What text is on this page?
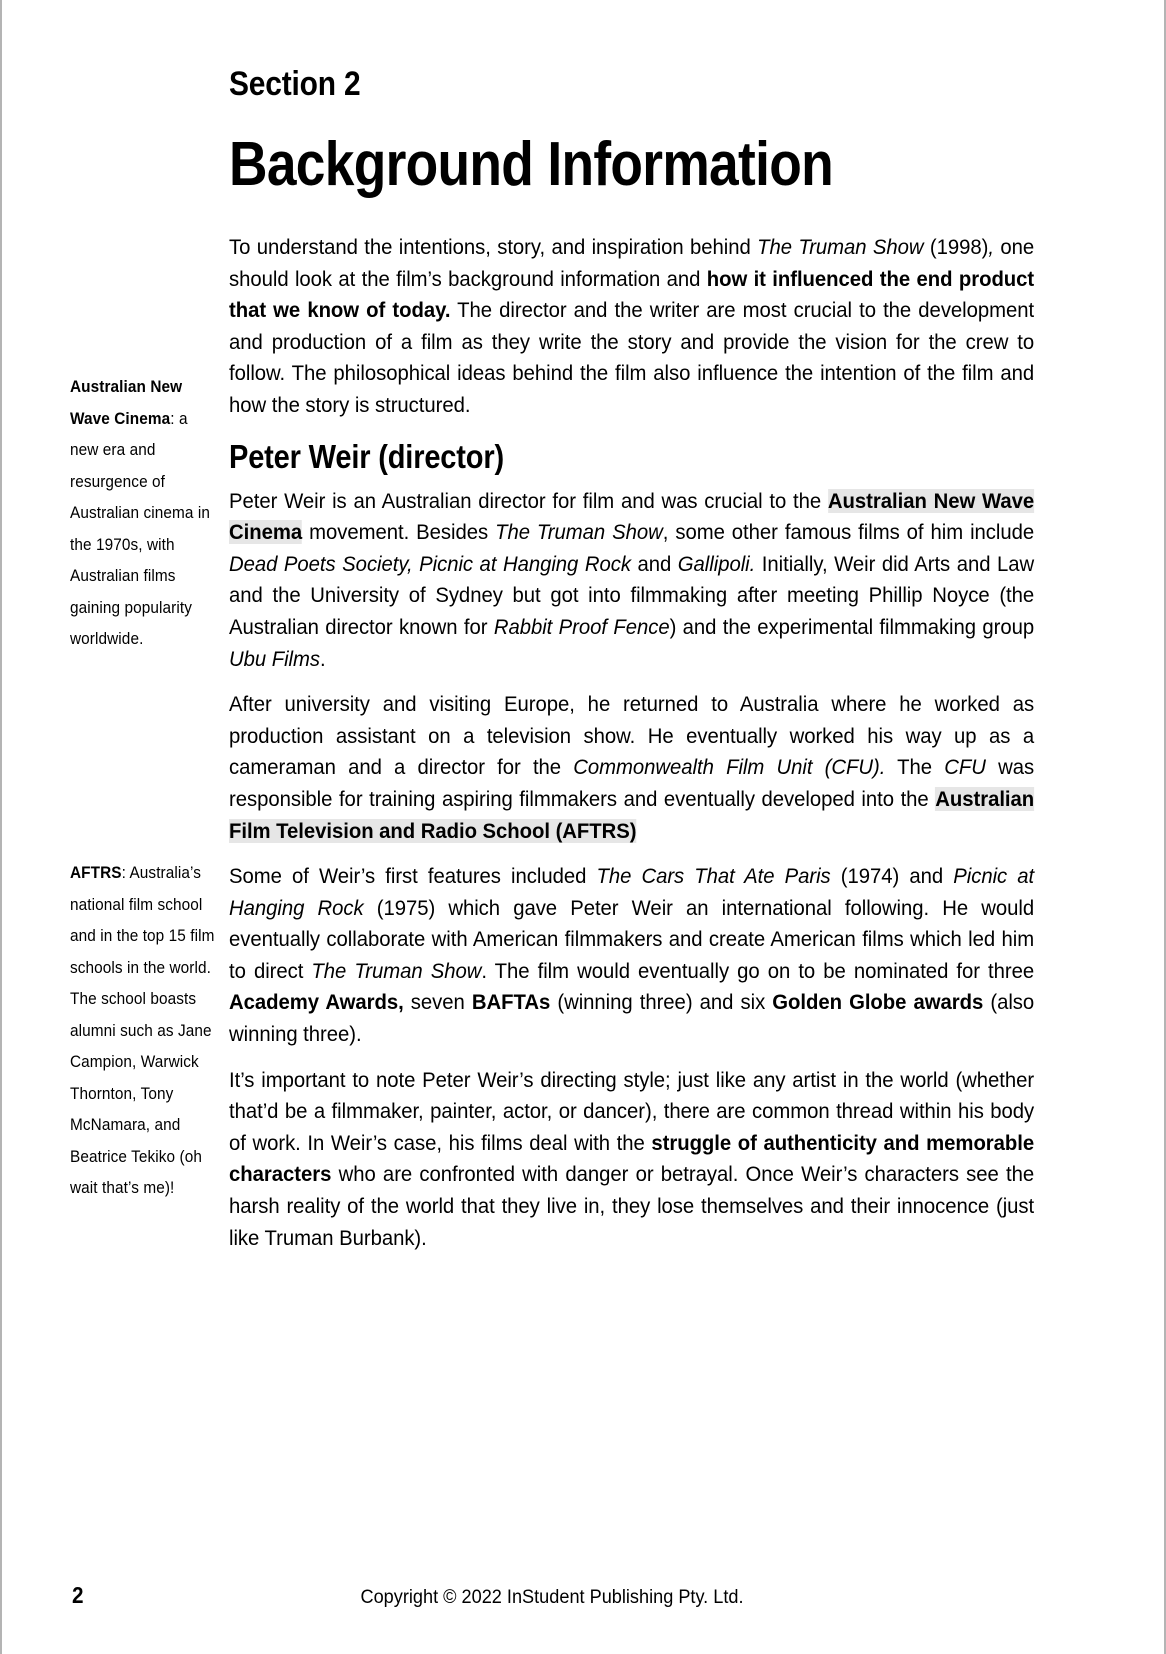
Australian New Wave Cinema: a new era and resurgence of Australian cinema in the 1970s, with Australian films gaining popularity worldwide.
AFTRS: Australia’s national film school and in the top 15 film schools in the world. The school boasts alumni such as Jane Campion, Warwick Thornton, Tony McNamara, and Beatrice Tekiko (oh wait that’s me)!
Section 2
Background Information

To understand the intentions, story, and inspiration behind The Truman Show (1998), one should look at the film’s background information and how it influenced the end product that we know of today. The director and the writer are most crucial to the development and production of a film as they write the story and provide the vision for the crew to follow. The philosophical ideas behind the film also influence the intention of the film and how the story is structured.

Peter Weir (director)

Peter Weir is an Australian director for film and was crucial to the Australian New Wave Cinema movement. Besides The Truman Show, some other famous films of him include Dead Poets Society, Picnic at Hanging Rock and Gallipoli. Initially, Weir did Arts and Law and the University of Sydney but got into filmmaking after meeting Phillip Noyce (the Australian director known for Rabbit Proof Fence) and the experimental filmmaking group Ubu Films.

After university and visiting Europe, he returned to Australia where he worked as production assistant on a television show. He eventually worked his way up as a cameraman and a director for the Commonwealth Film Unit (CFU). The CFU was responsible for training aspiring filmmakers and eventually developed into the Australian Film Television and Radio School (AFTRS)

Some of Weir’s first features included The Cars That Ate Paris (1974) and Picnic at Hanging Rock (1975) which gave Peter Weir an international following. He would eventually collaborate with American filmmakers and create American films which led him to direct The Truman Show. The film would eventually go on to be nominated for three Academy Awards, seven BAFTAs (winning three) and six Golden Globe awards (also winning three).

It’s important to note Peter Weir’s directing style; just like any artist in the world (whether that’d be a filmmaker, painter, actor, or dancer), there are common thread within his body of work. In Weir’s case, his films deal with the struggle of authenticity and memorable characters who are confronted with danger or betrayal. Once Weir’s characters see the harsh reality of the world that they live in, they lose themselves and their innocence (just like Truman Burbank).

2	Copyright © 2022 InStudent Publishing Pty. Ltd.
